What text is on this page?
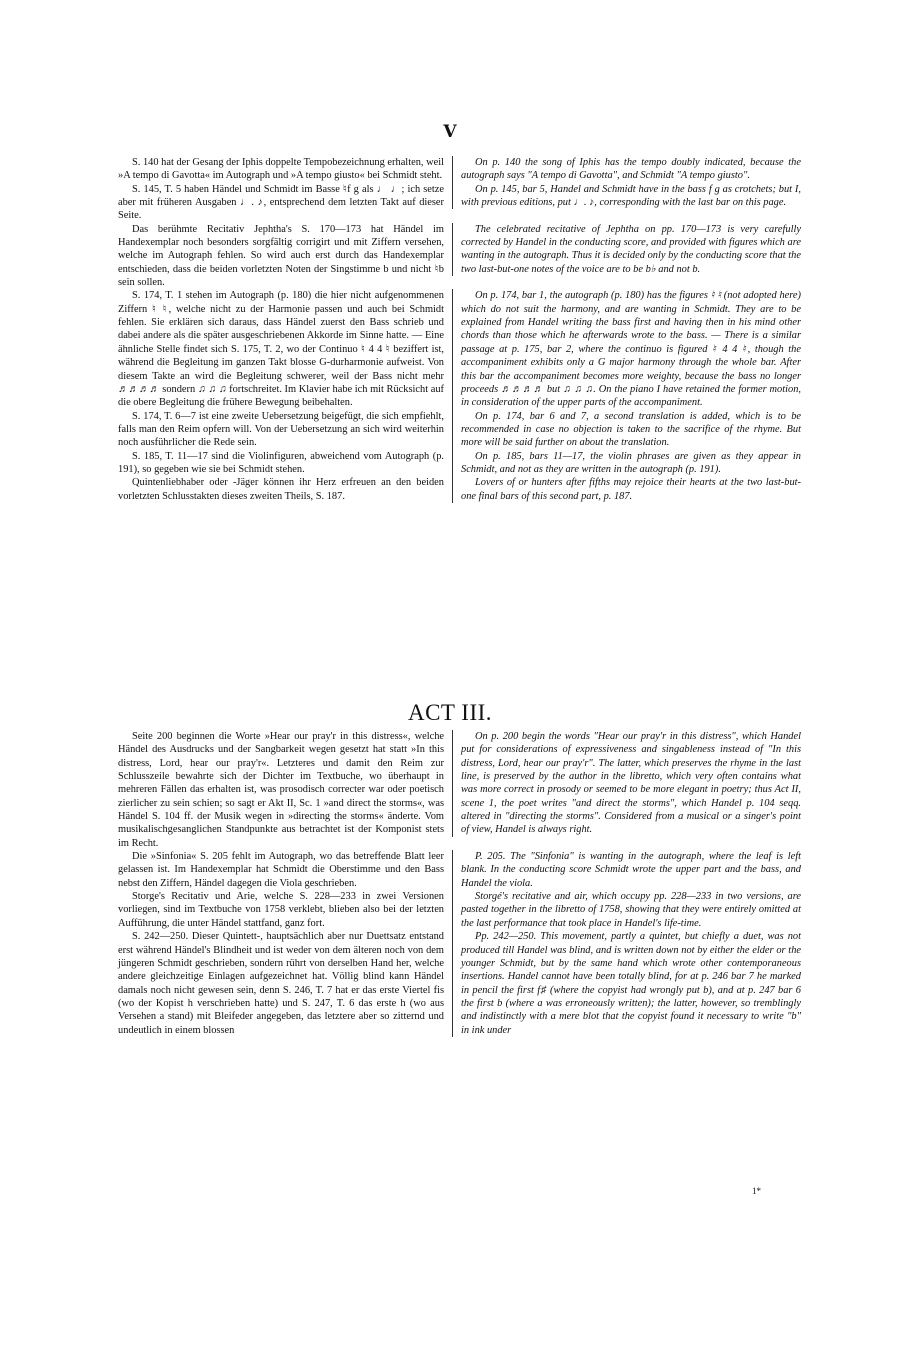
V

S. 140 hat der Gesang der Iphis doppelte Tempobezeichnung erhalten, weil »A tempo di Gavotta« im Autograph und »A tempo giusto« bei Schmidt steht.

On p. 140 the song of Iphis has the tempo doubly indicated, because the autograph says "A tempo di Gavotta", and Schmidt "A tempo giusto".

S. 145, T. 5 haben Händel und Schmidt im Basse ♮f g als ♩ ♩; ich setze aber mit früheren Ausgaben ♩. ♪, entsprechend dem letzten Takt auf dieser Seite.

On p. 145, bar 5, Handel and Schmidt have in the bass f g as crotchets; but I, with previous editions, put ♩. ♪, corresponding with the last bar on this page.

Das berühmte Recitativ Jephtha's S. 170—173 hat Händel im Handexemplar noch besonders sorgfältig corrigirt und mit Ziffern versehen, welche im Autograph fehlen. So wird auch erst durch das Handexemplar entschieden, dass die beiden vorletzten Noten der Singstimme b und nicht ♮b sein sollen.

The celebrated recitative of Jephtha on pp. 170—173 is very carefully corrected by Handel in the conducting score, and provided with figures which are wanting in the autograph. Thus it is decided only by the conducting score that the two last-but-one notes of the voice are to be b♭ and not b.

S. 174, T. 1 stehen im Autograph (p. 180) die hier nicht aufgenommenen Ziffern ♮ ♮, welche nicht zu der Harmonie passen und auch bei Schmidt fehlen. Sie erklären sich daraus, dass Händel zuerst den Bass schrieb und dabei andere als die später ausgeschriebenen Akkorde im Sinne hatte. — Eine ähnliche Stelle findet sich S. 175, T. 2, wo der Continuo ♮ 4 4 ♮ beziffert ist, während die Begleitung im ganzen Takt blosse G-durharmonie aufweist. Von diesem Takte an wird die Begleitung schwerer, weil der Bass nicht mehr ♬♬♬♬ sondern ♫ ♫ ♫ fortschreitet. Im Klavier habe ich mit Rücksicht auf die obere Begleitung die frühere Bewegung beibehalten.

On p. 174, bar 1, the autograph (p. 180) has the figures ♮ ♮ (not adopted here) which do not suit the harmony, and are wanting in Schmidt. They are to be explained from Handel writing the bass first and having then in his mind other chords than those which he afterwards wrote to the bass. — There is a similar passage at p. 175, bar 2, where the continuo is figured ♮ 4 4 ♮, though the accompaniment exhibits only a G major harmony through the whole bar. After this bar the accompaniment becomes more weighty, because the bass no longer proceeds ♬♬♬♬ but ♫ ♫ ♫. On the piano I have retained the former motion, in consideration of the upper parts of the accompaniment.

S. 174, T. 6—7 ist eine zweite Uebersetzung beigefügt, die sich empfiehlt, falls man den Reim opfern will. Von der Uebersetzung an sich wird weiterhin noch ausführlicher die Rede sein.

On p. 174, bar 6 and 7, a second translation is added, which is to be recommended in case no objection is taken to the sacrifice of the rhyme. But more will be said further on about the translation.

S. 185, T. 11—17 sind die Violinfiguren, abweichend vom Autograph (p. 191), so gegeben wie sie bei Schmidt stehen.

On p. 185, bars 11—17, the violin phrases are given as they appear in Schmidt, and not as they are written in the autograph (p. 191).

Quintenliebhaber oder -Jäger können ihr Herz erfreuen an den beiden vorletzten Schlusstakten dieses zweiten Theils, S. 187.

Lovers of or hunters after fifths may rejoice their hearts at the two last-but-one final bars of this second part, p. 187.

ACT III.

Seite 200 beginnen die Worte »Hear our pray'r in this distress«, welche Händel des Ausdrucks und der Sangbarkeit wegen gesetzt hat statt »In this distress, Lord, hear our pray'r«. Letzteres und damit den Reim zur Schlusszeile bewahrte sich der Dichter im Textbuche, wo überhaupt in mehreren Fällen das erhalten ist, was prosodisch correcter war oder poetisch zierlicher zu sein schien; so sagt er Akt II, Sc. 1 »and direct the storms«, was Händel S. 104 ff. der Musik wegen in »directing the storms« änderte. Vom musikalischgesanglichen Standpunkte aus betrachtet ist der Komponist stets im Recht.

On p. 200 begin the words "Hear our pray'r in this distress", which Handel put for considerations of expressiveness and singableness instead of "In this distress, Lord, hear our pray'r". The latter, which preserves the rhyme in the last line, is preserved by the author in the libretto, which very often contains what was more correct in prosody or seemed to be more elegant in poetry; thus Act II, scene 1, the poet writes "and direct the storms", which Handel p. 104 seqq. altered in "directing the storms". Considered from a musical or a singer's point of view, Handel is always right.

Die »Sinfonia« S. 205 fehlt im Autograph, wo das betreffende Blatt leer gelassen ist. Im Handexemplar hat Schmidt die Oberstimme und den Bass nebst den Ziffern, Händel dagegen die Viola geschrieben.

P. 205. The "Sinfonia" is wanting in the autograph, where the leaf is left blank. In the conducting score Schmidt wrote the upper part and the bass, and Handel the viola.

Storge's Recitativ und Arie, welche S. 228—233 in zwei Versionen vorliegen, sind im Textbuche von 1758 verklebt, blieben also bei der letzten Aufführung, die unter Händel stattfand, ganz fort.

Storgé's recitative and air, which occupy pp. 228—233 in two versions, are pasted together in the libretto of 1758, showing that they were entirely omitted at the last performance that took place in Handel's life-time.

S. 242—250. Dieser Quintett-, hauptsächlich aber nur Duettsatz entstand erst während Händel's Blindheit und ist weder von dem älteren noch von dem jüngeren Schmidt geschrieben, sondern rührt von derselben Hand her, welche andere gleichzeitige Einlagen aufgezeichnet hat. Völlig blind kann Händel damals noch nicht gewesen sein, denn S. 246, T. 7 hat er das erste Viertel fis (wo der Kopist h verschrieben hatte) und S. 247, T. 6 das erste h (wo aus Versehen a stand) mit Bleifeder angegeben, das letztere aber so zitternd und undeutlich in einem blossen

Pp. 242—250. This movement, partly a quintet, but chiefly a duet, was not produced till Handel was blind, and is written down not by either the elder or the younger Schmidt, but by the same hand which wrote other contemporaneous insertions. Handel cannot have been totally blind, for at p. 246 bar 7 he marked in pencil the first f♯ (where the copyist had wrongly put b), and at p. 247 bar 6 the first b (where a was erroneously written); the latter, however, so tremblingly and indistinctly with a mere blot that the copyist found it necessary to write "b" in ink under

1*
